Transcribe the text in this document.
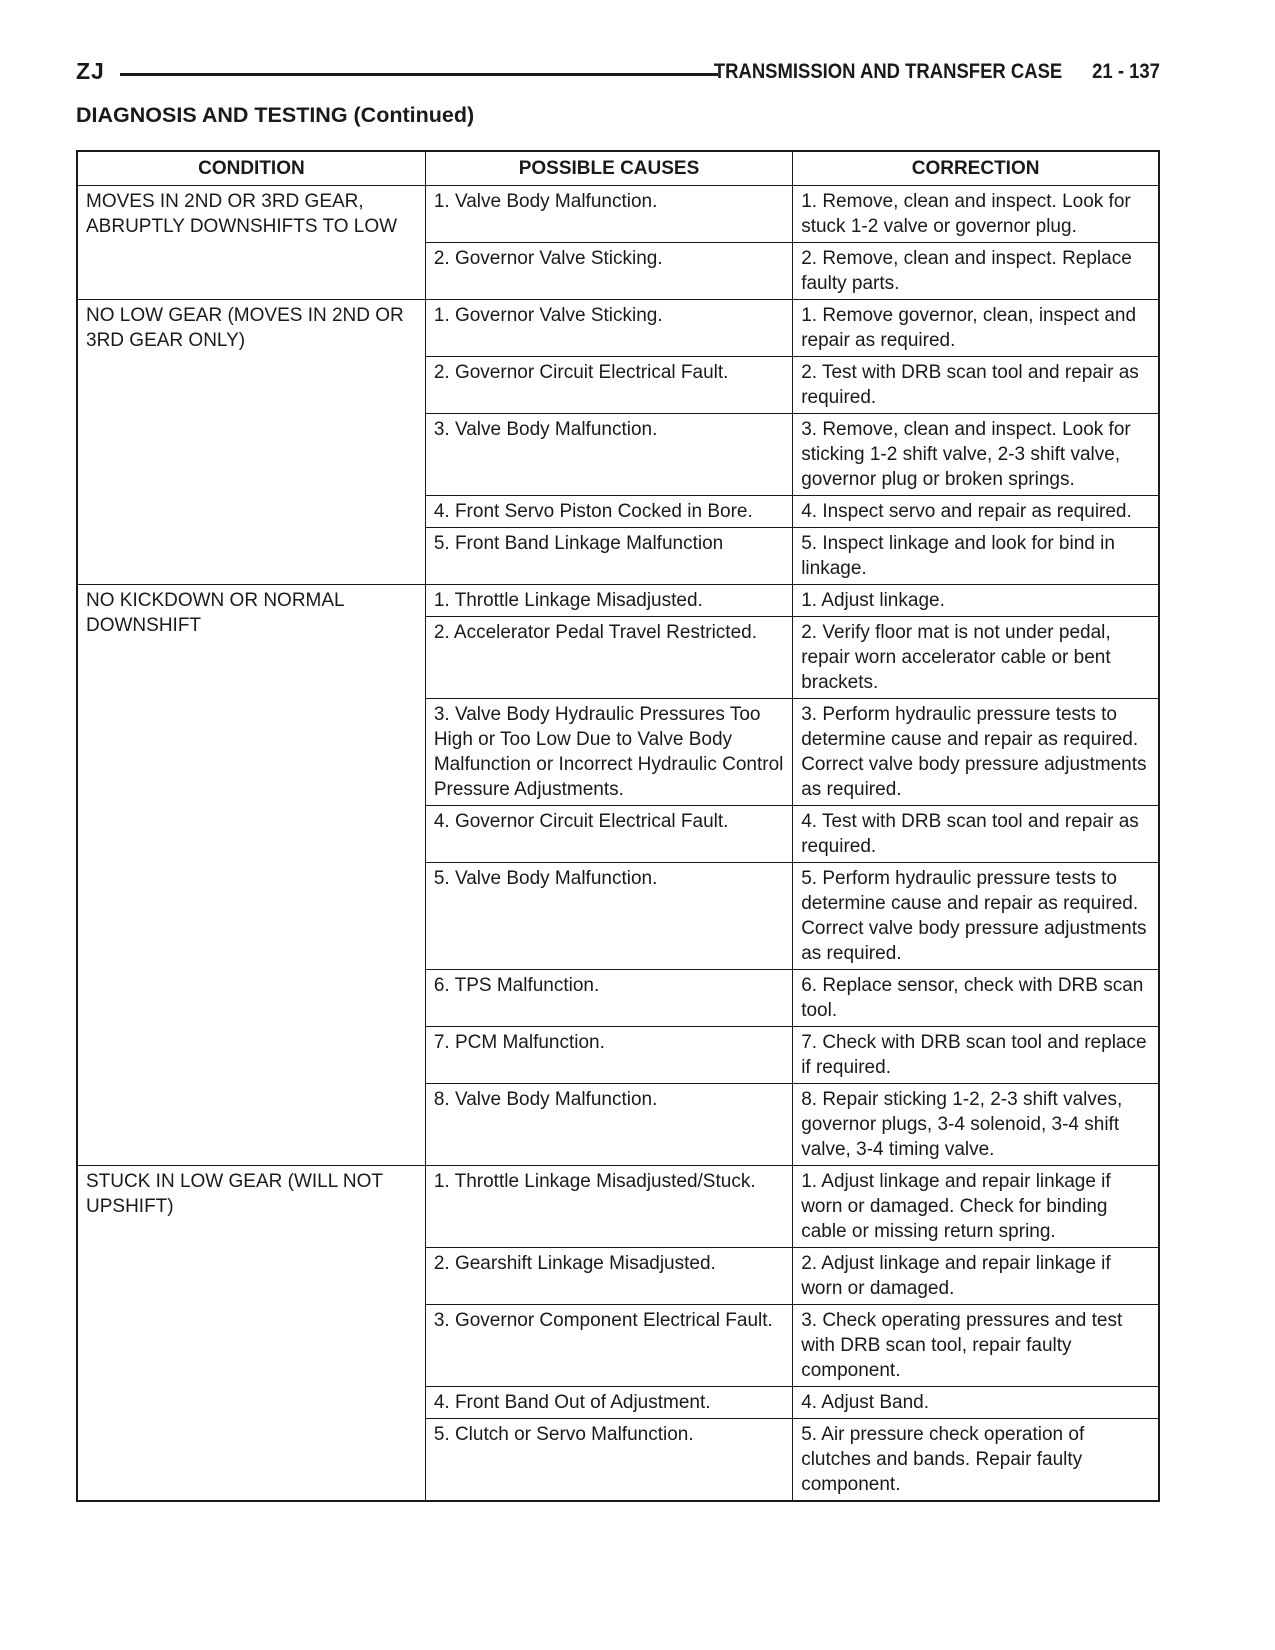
ZJ	TRANSMISSION AND TRANSFER CASE 21 - 137
DIAGNOSIS AND TESTING (Continued)
CONDITION	POSSIBLE CAUSES	CORRECTION
MOVES IN 2ND OR 3RD GEAR, ABRUPTLY DOWNSHIFTS TO LOW	1. Valve Body Malfunction.	1. Remove, clean and inspect. Look for stuck 1-2 valve or governor plug.
	2. Governor Valve Sticking.	2. Remove, clean and inspect. Replace faulty parts.
NO LOW GEAR (MOVES IN 2ND OR 3RD GEAR ONLY)	1. Governor Valve Sticking.	1. Remove governor, clean, inspect and repair as required.
	2. Governor Circuit Electrical Fault.	2. Test with DRB scan tool and repair as required.
	3. Valve Body Malfunction.	3. Remove, clean and inspect. Look for sticking 1-2 shift valve, 2-3 shift valve, governor plug or broken springs.
	4. Front Servo Piston Cocked in Bore.	4. Inspect servo and repair as required.
	5. Front Band Linkage Malfunction	5. Inspect linkage and look for bind in linkage.
NO KICKDOWN OR NORMAL DOWNSHIFT	1. Throttle Linkage Misadjusted.	1. Adjust linkage.
	2. Accelerator Pedal Travel Restricted.	2. Verify floor mat is not under pedal, repair worn accelerator cable or bent brackets.
	3. Valve Body Hydraulic Pressures Too High or Too Low Due to Valve Body Malfunction or Incorrect Hydraulic Control Pressure Adjustments.	3. Perform hydraulic pressure tests to determine cause and repair as required. Correct valve body pressure adjustments as required.
	4. Governor Circuit Electrical Fault.	4. Test with DRB scan tool and repair as required.
	5. Valve Body Malfunction.	5. Perform hydraulic pressure tests to determine cause and repair as required. Correct valve body pressure adjustments as required.
	6. TPS Malfunction.	6. Replace sensor, check with DRB scan tool.
	7. PCM Malfunction.	7. Check with DRB scan tool and replace if required.
	8. Valve Body Malfunction.	8. Repair sticking 1-2, 2-3 shift valves, governor plugs, 3-4 solenoid, 3-4 shift valve, 3-4 timing valve.
STUCK IN LOW GEAR (WILL NOT UPSHIFT)	1. Throttle Linkage Misadjusted/Stuck.	1. Adjust linkage and repair linkage if worn or damaged. Check for binding cable or missing return spring.
	2. Gearshift Linkage Misadjusted.	2. Adjust linkage and repair linkage if worn or damaged.
	3. Governor Component Electrical Fault.	3. Check operating pressures and test with DRB scan tool, repair faulty component.
	4. Front Band Out of Adjustment.	4. Adjust Band.
	5. Clutch or Servo Malfunction.	5. Air pressure check operation of clutches and bands. Repair faulty component.
